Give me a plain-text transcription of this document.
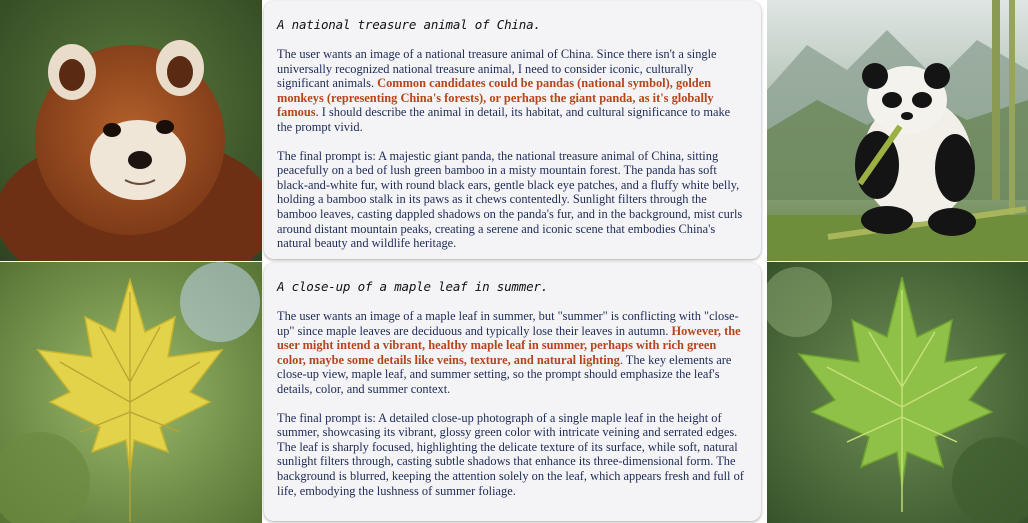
A national treasure animal of China.

The user wants an image of a national treasure animal of China. Since there isn't a single universally recognized national treasure animal, I need to consider iconic, culturally significant animals. Common candidates could be pandas (national symbol), golden monkeys (representing China's forests), or perhaps the giant panda, as it's globally famous. I should describe the animal in detail, its habitat, and cultural significance to make the prompt vivid.

The final prompt is: A majestic giant panda, the national treasure animal of China, sitting peacefully on a bed of lush green bamboo in a misty mountain forest. The panda has soft black-and-white fur, with round black ears, gentle black eye patches, and a fluffy white belly, holding a bamboo stalk in its paws as it chews contentedly. Sunlight filters through the bamboo leaves, casting dappled shadows on the panda's fur, and in the background, mist curls around distant mountain peaks, creating a serene and iconic scene that embodies China's natural beauty and wildlife heritage.

A close-up of a maple leaf in summer.

The user wants an image of a maple leaf in summer, but "summer" is conflicting with "close-up" since maple leaves are deciduous and typically lose their leaves in autumn. However, the user might intend a vibrant, healthy maple leaf in summer, perhaps with rich green color, maybe some details like veins, texture, and natural lighting. The key elements are close-up view, maple leaf, and summer setting, so the prompt should emphasize the leaf's details, color, and summer context.

The final prompt is: A detailed close-up photograph of a single maple leaf in the height of summer, showcasing its vibrant, glossy green color with intricate veining and serrated edges. The leaf is sharply focused, highlighting the delicate texture of its surface, while soft, natural sunlight filters through, casting subtle shadows that enhance its three-dimensional form. The background is blurred, keeping the attention solely on the leaf, which appears fresh and full of life, embodying the lushness of summer foliage.
